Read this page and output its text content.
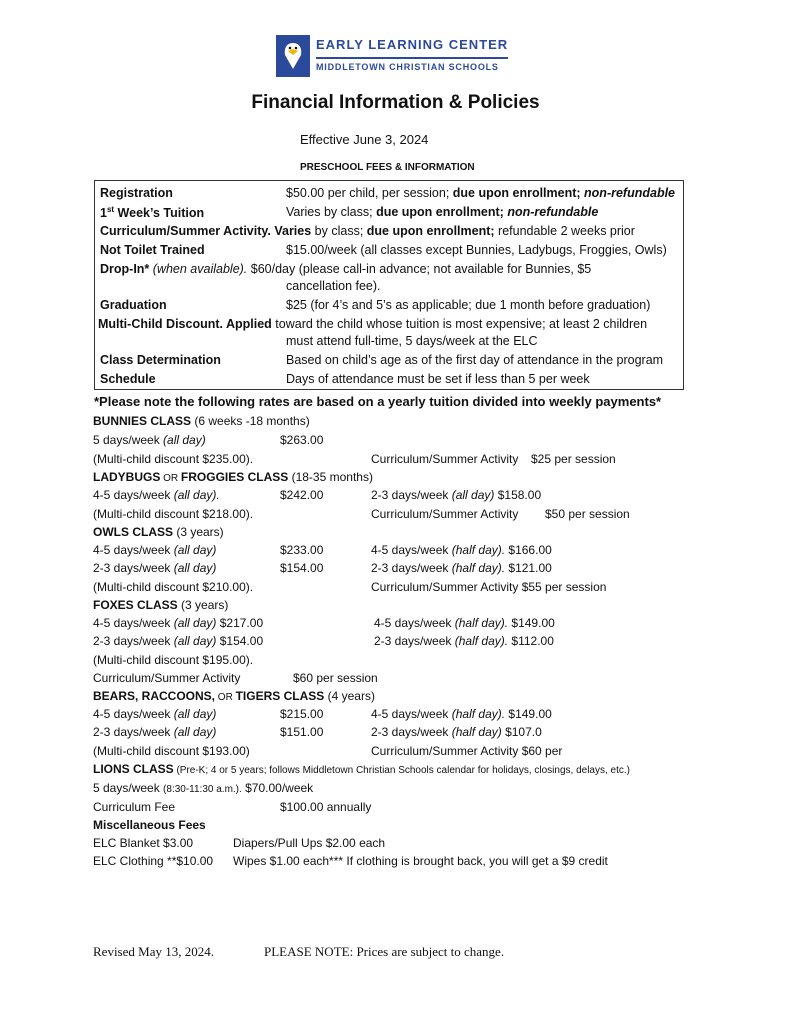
EARLY LEARNING CENTER
MIDDLETOWN CHRISTIAN SCHOOLS
Financial Information & Policies
Effective June 3, 2024
PRESCHOOL FEES & INFORMATION
Registration	$50.00 per child, per session; due upon enrollment; non-refundable
1st Week’s Tuition	Varies by class; due upon enrollment; non-refundable
Curriculum/Summer Activity. Varies by class; due upon enrollment; refundable 2 weeks prior
Not Toilet Trained	$15.00/week (all classes except Bunnies, Ladybugs, Froggies, Owls)
Drop-In* (when available). $60/day (please call-in advance; not available for Bunnies, $5
cancellation fee).
Graduation	$25 (for 4’s and 5’s as applicable; due 1 month before graduation)
Multi-Child Discount. Applied toward the child whose tuition is most expensive; at least 2 children
must attend full-time, 5 days/week at the ELC
Class Determination	Based on child’s age as of the first day of attendance in the program
Schedule	Days of attendance must be set if less than 5 per week
*Please note the following rates are based on a yearly tuition divided into weekly payments*
BUNNIES CLASS (6 weeks -18 months)
5 days/week (all day)	$263.00
(Multi-child discount $235.00).	Curriculum/Summer Activity $25 per session
LADYBUGS OR FROGGIES CLASS (18-35 months)
4-5 days/week (all day).	$242.00	2-3 days/week (all day) $158.00
(Multi-child discount $218.00).	Curriculum/Summer Activity $50 per session
OWLS CLASS (3 years)
4-5 days/week (all day)	$233.00	4-5 days/week (half day). $166.00
2-3 days/week (all day)	$154.00	2-3 days/week (half day). $121.00
(Multi-child discount $210.00).	Curriculum/Summer Activity $55 per session
FOXES CLASS (3 years)
4-5 days/week (all day) $217.00	4-5 days/week (half day). $149.00
2-3 days/week (all day) $154.00	2-3 days/week (half day). $112.00
(Multi-child discount $195.00).
Curriculum/Summer Activity	$60 per session
BEARS, RACCOONS, OR TIGERS CLASS (4 years)
4-5 days/week (all day)	$215.00	4-5 days/week (half day). $149.00
2-3 days/week (all day)	$151.00	2-3 days/week (half day) $107.0
(Multi-child discount $193.00)	Curriculum/Summer Activity $60 per
LIONS CLASS (Pre-K; 4 or 5 years; follows Middletown Christian Schools calendar for holidays, closings, delays, etc.)
5 days/week (8:30-11:30 a.m.). $70.00/week
Curriculum Fee	$100.00 annually
Miscellaneous Fees
ELC Blanket $3.00	Diapers/Pull Ups $2.00 each
ELC Clothing **$10.00 Wipes $1.00 each*** If clothing is brought back, you will get a $9 credit
Revised May 13, 2024.	PLEASE NOTE: Prices are subject to change.
